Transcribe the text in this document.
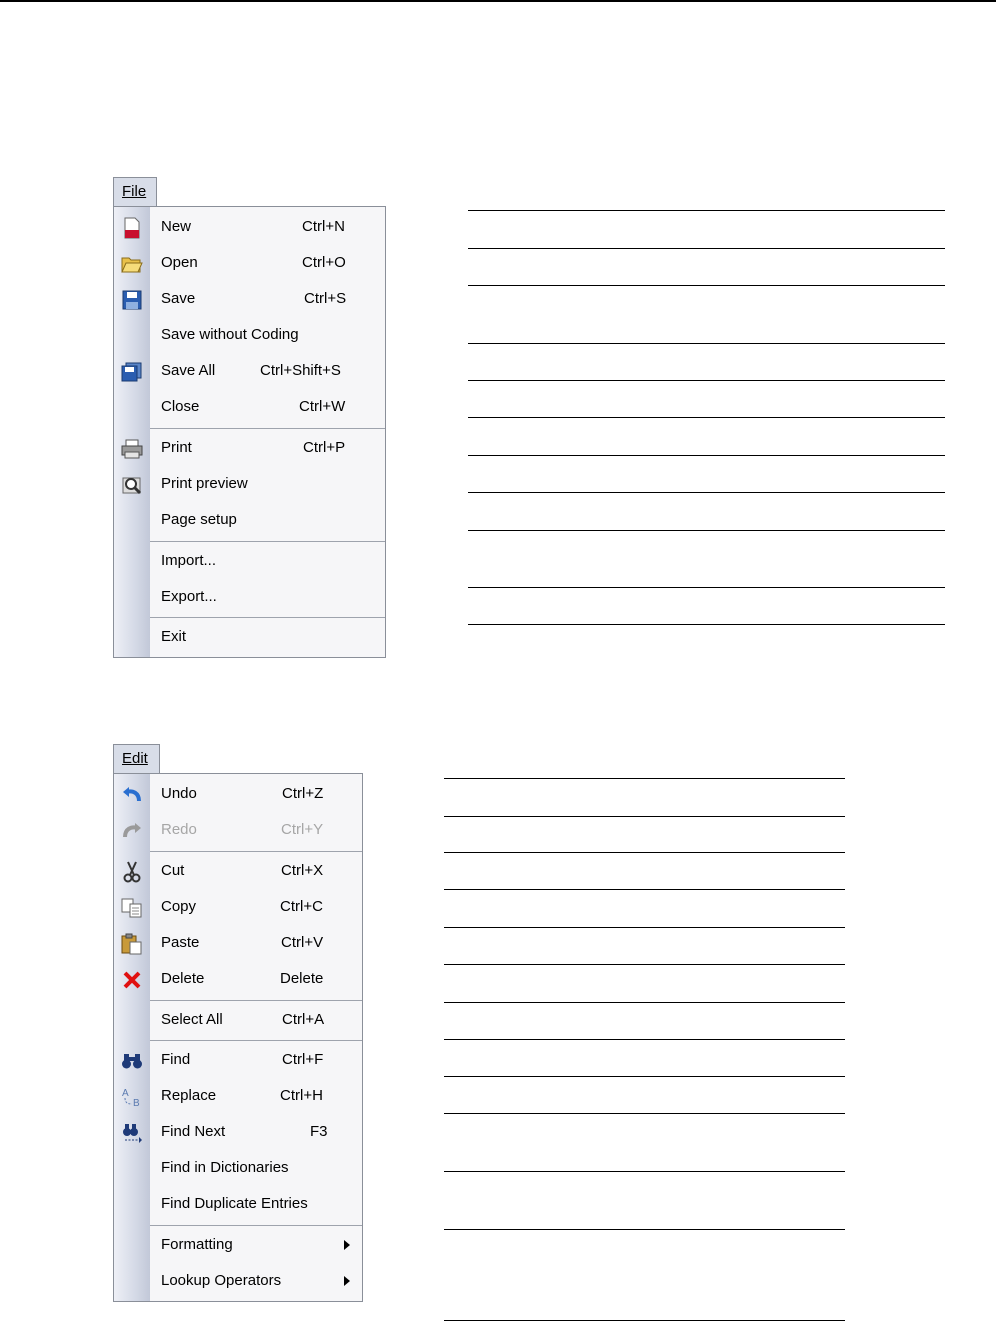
File
New	Ctrl+N
Open	Ctrl+O
Save	Ctrl+S
Save without Coding
Save All	Ctrl+Shift+S
Close	Ctrl+W
Print	Ctrl+P
Print preview
Page setup
Import...
Export...
Exit
Edit
Undo	Ctrl+Z
Redo	Ctrl+Y
Cut	Ctrl+X
Copy	Ctrl+C
Paste	Ctrl+V
Delete	Delete
Select All	Ctrl+A
Find	Ctrl+F
A
B Replace	Ctrl+H
Find Next	F3
Find in Dictionaries
Find Duplicate Entries
Formatting
Lookup Operators
